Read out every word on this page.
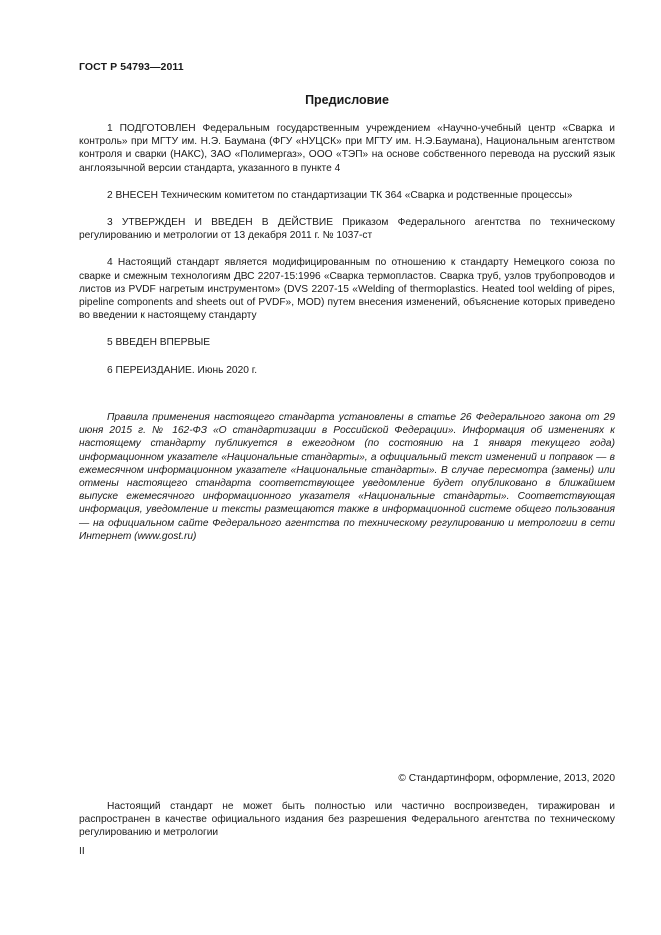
ГОСТ Р 54793—2011
Предисловие

1 ПОДГОТОВЛЕН Федеральным государственным учреждением «Научно-учебный центр «Сварка и контроль» при МГТУ им. Н.Э. Баумана (ФГУ «НУЦСК» при МГТУ им. Н.Э.Баумана), Национальным агентством контроля и сварки (НАКС), ЗАО «Полимергаз», ООО «ТЭП» на основе собственного перевода на русский язык англоязычной версии стандарта, указанного в пункте 4

2 ВНЕСЕН Техническим комитетом по стандартизации ТК 364 «Сварка и родственные процессы»

3 УТВЕРЖДЕН И ВВЕДЕН В ДЕЙСТВИЕ Приказом Федерального агентства по техническому регулированию и метрологии от 13 декабря 2011 г. № 1037-ст

4 Настоящий стандарт является модифицированным по отношению к стандарту Немецкого союза по сварке и смежным технологиям ДВС 2207-15:1996 «Сварка термопластов. Сварка труб, узлов трубопроводов и листов из PVDF нагретым инструментом» (DVS 2207-15 «Welding of thermoplastics. Heated tool welding of pipes, pipeline components and sheets out of PVDF», MOD) путем внесения изменений, объяснение которых приведено во введении к настоящему стандарту

5 ВВЕДЕН ВПЕРВЫЕ

6 ПЕРЕИЗДАНИЕ. Июнь 2020 г.

Правила применения настоящего стандарта установлены в статье 26 Федерального закона от 29 июня 2015 г. № 162-ФЗ «О стандартизации в Российской Федерации». Информация об изменениях к настоящему стандарту публикуется в ежегодном (по состоянию на 1 января текущего года) информационном указателе «Национальные стандарты», а официальный текст изменений и поправок — в ежемесячном информационном указателе «Национальные стандарты». В случае пересмотра (замены) или отмены настоящего стандарта соответствующее уведомление будет опубликовано в ближайшем выпуске ежемесячного информационного указателя «Национальные стандарты». Соответствующая информация, уведомление и тексты размещаются также в информационной системе общего пользования — на официальном сайте Федерального агентства по техническому регулированию и метрологии в сети Интернет (www.gost.ru)

© Стандартинформ, оформление, 2013, 2020

Настоящий стандарт не может быть полностью или частично воспроизведен, тиражирован и распространен в качестве официального издания без разрешения Федерального агентства по техническому регулированию и метрологии

II
